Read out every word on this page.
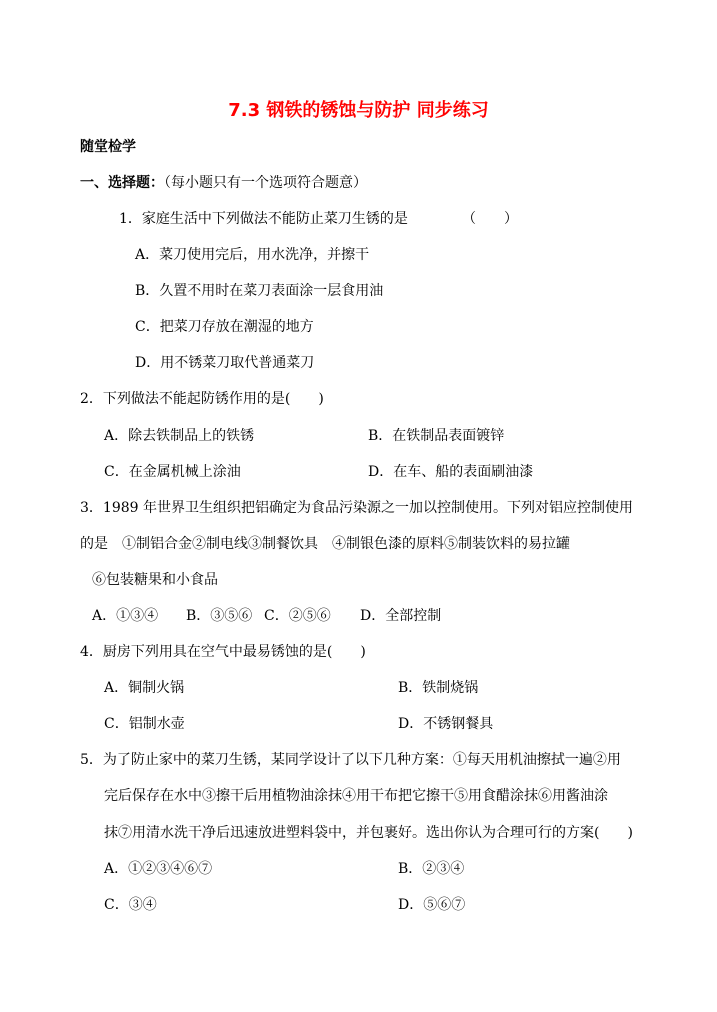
7.3 钢铁的锈蚀与防护 同步练习
随堂检学
一、选择题：（每小题只有一个选项符合题意）
1．家庭生活中下列做法不能防止菜刀生锈的是	（　　）
A．菜刀使用完后，用水洗净，并擦干
B．久置不用时在菜刀表面涂一层食用油
C．把菜刀存放在潮湿的地方
D．用不锈菜刀取代普通菜刀
2．下列做法不能起防锈作用的是(　　)
A．除去铁制品上的铁锈	B．在铁制品表面镀锌
C．在金属机械上涂油	D．在车、船的表面刷油漆
3．1989 年世界卫生组织把铝确定为食品污染源之一加以控制使用。下列对铝应控制使用
的是　①制铝合金②制电线③制餐饮具　④制银色漆的原料⑤制装饮料的易拉罐
⑥包装糖果和小食品
A．①③④ B．③⑤⑥ C．②⑤⑥ D．全部控制
4．厨房下列用具在空气中最易锈蚀的是(　　)
A．铜制火锅	B．铁制烧锅
C．铝制水壶	D．不锈钢餐具
5．为了防止家中的菜刀生锈，某同学设计了以下几种方案：①每天用机油擦拭一遍②用
完后保存在水中③擦干后用植物油涂抹④用干布把它擦干⑤用食醋涂抹⑥用酱油涂
抹⑦用清水洗干净后迅速放进塑料袋中，并包裹好。选出你认为合理可行的方案(　　)
A．①②③④⑥⑦	B．②③④
C．③④	D．⑤⑥⑦
